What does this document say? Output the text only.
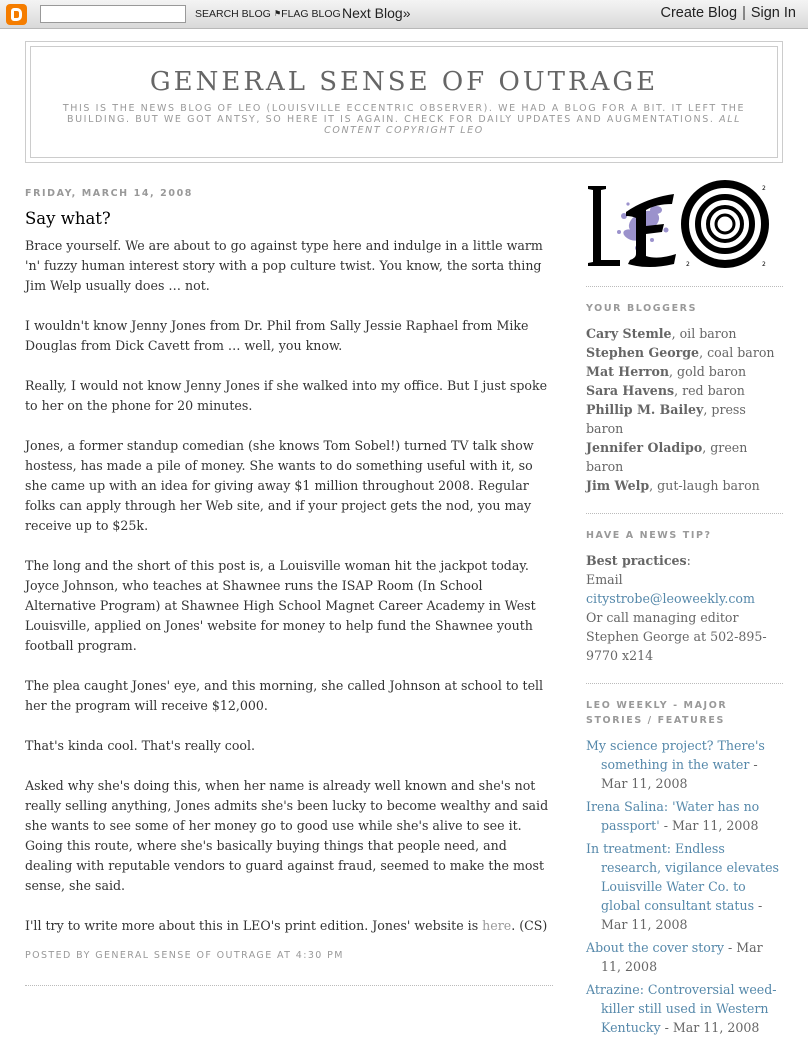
SEARCH BLOG ⚑FLAG BLOG Next Blog»	Create Blog | Sign In
GENERAL SENSE OF OUTRAGE

THIS IS THE NEWS BLOG OF LEO (LOUISVILLE ECCENTRIC OBSERVER). WE HAD A BLOG FOR A BIT. IT LEFT THE BUILDING. BUT WE GOT ANTSY, SO HERE IT IS AGAIN. CHECK FOR DAILY UPDATES AND AUGMENTATIONS. ALL CONTENT COPYRIGHT LEO

FRIDAY, MARCH 14, 2008
Say what?

Brace yourself. We are about to go against type here and indulge in a little warm 'n' fuzzy human interest story with a pop culture twist. You know, the sorta thing Jim Welp usually does … not.

I wouldn't know Jenny Jones from Dr. Phil from Sally Jessie Raphael from Mike Douglas from Dick Cavett from … well, you know.

Really, I would not know Jenny Jones if she walked into my office. But I just spoke to her on the phone for 20 minutes.

Jones, a former standup comedian (she knows Tom Sobel!) turned TV talk show hostess, has made a pile of money. She wants to do something useful with it, so she came up with an idea for giving away $1 million throughout 2008. Regular folks can apply through her Web site, and if your project gets the nod, you may receive up to $25k.

The long and the short of this post is, a Louisville woman hit the jackpot today. Joyce Johnson, who teaches at Shawnee runs the ISAP Room (In School Alternative Program) at Shawnee High School Magnet Career Academy in West Louisville, applied on Jones' website for money to help fund the Shawnee youth football program.

The plea caught Jones' eye, and this morning, she called Johnson at school to tell her the program will receive $12,000.

That's kinda cool. That's really cool.

Asked why she's doing this, when her name is already well known and she's not really selling anything, Jones admits she's been lucky to become wealthy and said she wants to see some of her money go to good use while she's alive to see it. Going this route, where she's basically buying things that people need, and dealing with reputable vendors to guard against fraud, seemed to make the most sense, she said.

I'll try to write more about this in LEO's print edition. Jones' website is here. (CS)

POSTED BY GENERAL SENSE OF OUTRAGE AT 4:30 PM
2
2
2
YOUR BLOGGERS
Cary Stemle, oil baron
Stephen George, coal baron
Mat Herron, gold baron
Sara Havens, red baron
Phillip M. Bailey, press baron
Jennifer Oladipo, green baron
Jim Welp, gut-laugh baron
HAVE A NEWS TIP?
Best practices:
Email citystrobe@leoweekly.com
Or call managing editor Stephen George at 502-895-9770 x214
LEO WEEKLY - MAJOR STORIES / FEATURES
My science project? There's something in the water - Mar 11, 2008
Irena Salina: 'Water has no passport' - Mar 11, 2008
In treatment: Endless research, vigilance elevates Louisville Water Co. to global consultant status - Mar 11, 2008
About the cover story - Mar 11, 2008
Atrazine: Controversial weed-killer still used in Western Kentucky - Mar 11, 2008
